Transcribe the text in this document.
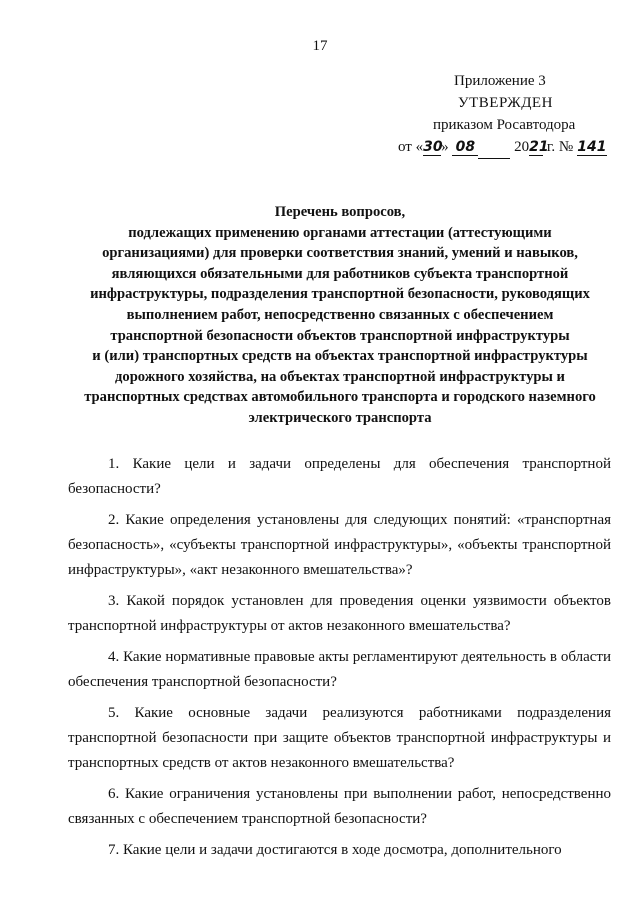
17
Приложение 3
УТВЕРЖДЕН
приказом Росавтодора
от «30» 08	2021 г. № 141
Перечень вопросов,
подлежащих применению органами аттестации (аттестующими
организациями) для проверки соответствия знаний, умений и навыков,
являющихся обязательными для работников субъекта транспортной
инфраструктуры, подразделения транспортной безопасности, руководящих
выполнением работ, непосредственно связанных с обеспечением
транспортной безопасности объектов транспортной инфраструктуры
и (или) транспортных средств на объектах транспортной инфраструктуры
дорожного хозяйства, на объектах транспортной инфраструктуры и
транспортных средствах автомобильного транспорта и городского наземного
электрического транспорта

1. Какие цели и задачи определены для обеспечения транспортной безопасности?

2. Какие определения установлены для следующих понятий: «транспортная безопасность», «субъекты транспортной инфраструктуры», «объекты транспортной инфраструктуры», «акт незаконного вмешательства»?

3. Какой порядок установлен для проведения оценки уязвимости объектов транспортной инфраструктуры от актов незаконного вмешательства?

4. Какие нормативные правовые акты регламентируют деятельность в области обеспечения транспортной безопасности?

5. Какие основные задачи реализуются работниками подразделения транспортной безопасности при защите объектов транспортной инфраструктуры и транспортных средств от актов незаконного вмешательства?

6. Какие ограничения установлены при выполнении работ, непосредственно связанных с обеспечением транспортной безопасности?

7. Какие цели и задачи достигаются в ходе досмотра, дополнительного
